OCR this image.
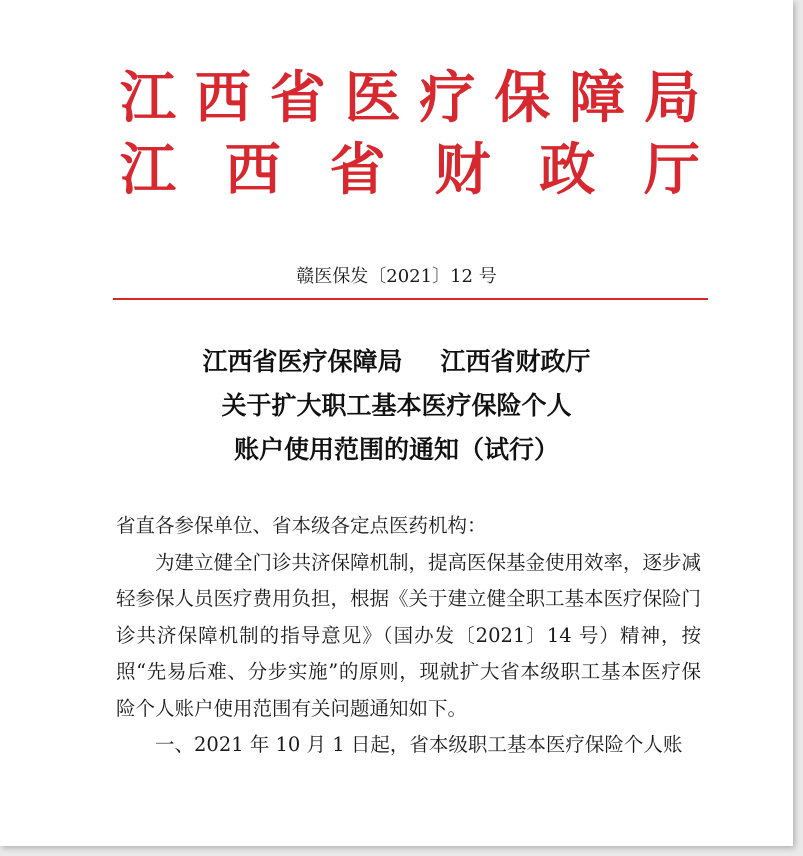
江西省医疗保障局
江西省财政厅
赣医保发〔2021〕12 号
江西省医疗保障局 江西省财政厅
关于扩大职工基本医疗保险个人
账户使用范围的通知（试行）

省直各参保单位、省本级各定点医药机构：

为建立健全门诊共济保障机制，提高医保基金使用效率，逐步减轻参保人员医疗费用负担，根据《关于建立健全职工基本医疗保险门诊共济保障机制的指导意见》（国办发〔2021〕14 号）精神，按照“先易后难、分步实施”的原则，现就扩大省本级职工基本医疗保险个人账户使用范围有关问题通知如下。

一、2021 年 10 月 1 日起，省本级职工基本医疗保险个人账
